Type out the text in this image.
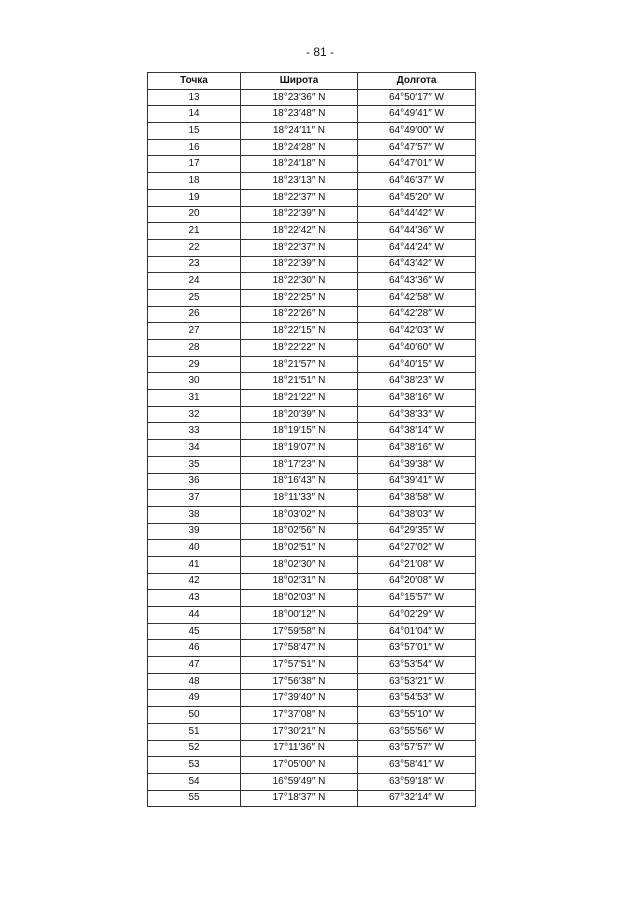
- 81 -
Точка	Широта	Долгота
13	18°23′36″ N	64°50′17″ W
14	18°23′48″ N	64°49′41″ W
15	18°24′11″ N	64°49′00″ W
16	18°24′28″ N	64°47′57″ W
17	18°24′18″ N	64°47′01″ W
18	18°23′13″ N	64°46′37″ W
19	18°22′37″ N	64°45′20″ W
20	18°22′39″ N	64°44′42″ W
21	18°22′42″ N	64°44′36″ W
22	18°22′37″ N	64°44′24″ W
23	18°22′39″ N	64°43′42″ W
24	18°22′30″ N	64°43′36″ W
25	18°22′25″ N	64°42′58″ W
26	18°22′26″ N	64°42′28″ W
27	18°22′15″ N	64°42′03″ W
28	18°22′22″ N	64°40′60″ W
29	18°21′57″ N	64°40′15″ W
30	18°21′51″ N	64°38′23″ W
31	18°21′22″ N	64°38′16″ W
32	18°20′39″ N	64°38′33″ W
33	18°19′15″ N	64°38′14″ W
34	18°19′07″ N	64°38′16″ W
35	18°17′23″ N	64°39′38″ W
36	18°16′43″ N	64°39′41″ W
37	18°11′33″ N	64°38′58″ W
38	18°03′02″ N	64°38′03″ W
39	18°02′56″ N	64°29′35″ W
40	18°02′51″ N	64°27′02″ W
41	18°02′30″ N	64°21′08″ W
42	18°02′31″ N	64°20′08″ W
43	18°02′03″ N	64°15′57″ W
44	18°00′12″ N	64°02′29″ W
45	17°59′58″ N	64°01′04″ W
46	17°58′47″ N	63°57′01″ W
47	17°57′51″ N	63°53′54″ W
48	17°56′38″ N	63°53′21″ W
49	17°39′40″ N	63°54′53″ W
50	17°37′08″ N	63°55′10″ W
51	17°30′21″ N	63°55′56″ W
52	17°11′36″ N	63°57′57″ W
53	17°05′00″ N	63°58′41″ W
54	16°59′49″ N	63°59′18″ W
55	17°18′37″ N	67°32′14″ W
